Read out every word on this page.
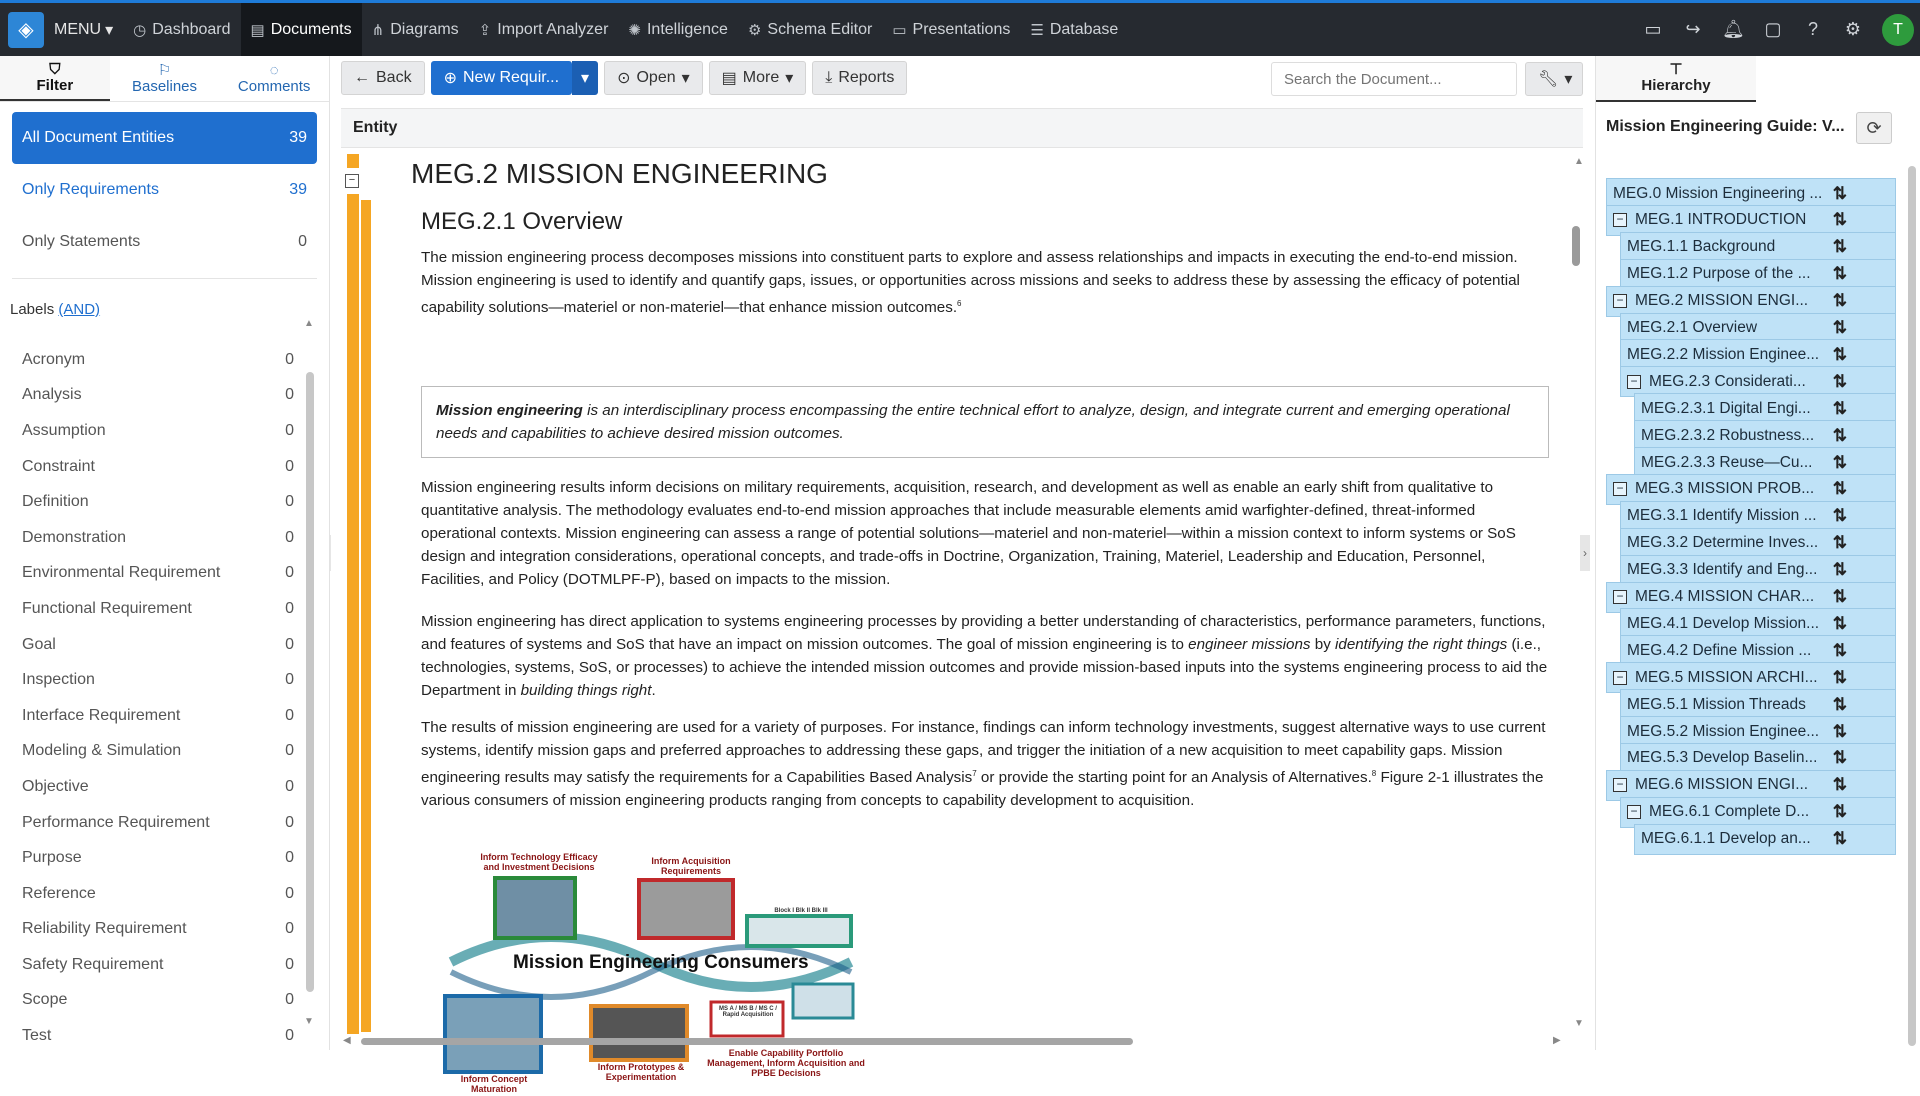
◈	MENU ▾ ◷ Dashboard ▤ Documents ⋔ Diagrams ⇪ Import Analyzer ✺ Intelligence ⚙ Schema Editor ▭ Presentations ☰ Database	▭ ↪ 🔔︎ ▢	?	⚙	T
⛉
Filter
⚐
Baselines
◌
Comments
All Document Entities	39
Only Requirements	39
Only Statements	0
Labels (AND)
Acronym	0
Analysis	0
Assumption	0
Constraint	0
Definition	0
Demonstration	0
Environmental Requirement	0
Functional Requirement	0
Goal	0
Inspection	0
Interface Requirement	0
Modeling & Simulation	0
Objective	0
Performance Requirement	0
Purpose	0
Reference	0
Reliability Requirement	0
Safety Requirement	0
Scope	0
Test	0
▲
▼
← Back ⊕ New Requir... ▾ ⊙ Open ▾ ▤ More ▾ ⤓ Reports
Search the Document...	🔧︎ ▾
Entity
− MEG.2 MISSION ENGINEERING
MEG.2.1 Overview
The mission engineering process decomposes missions into constituent parts to explore and assess relationships and impacts in executing the end-to-end mission. Mission engineering is used to identify and quantify gaps, issues, or opportunities across missions and seeks to address these by assessing the efficacy of potential capability solutions—materiel or non-materiel—that enhance mission outcomes.$^6$
Mission engineering is an interdisciplinary process encompassing the entire technical effort to analyze, design, and integrate current and emerging operational needs and capabilities to achieve desired mission outcomes.
Mission engineering results inform decisions on military requirements, acquisition, research, and development as well as enable an early shift from qualitative to quantitative analysis. The methodology evaluates end-to-end mission approaches that include measurable elements amid warfighter-defined, threat-informed operational contexts. Mission engineering can assess a range of potential solutions—materiel and non-materiel—within a mission context to inform systems or SoS design and integration considerations, operational concepts, and trade-offs in Doctrine, Organization, Training, Materiel, Leadership and Education, Personnel, Facilities, and Policy (DOTMLPF-P), based on impacts to the mission.
Mission engineering has direct application to systems engineering processes by providing a better understanding of characteristics, performance parameters, functions, and features of systems and SoS that have an impact on mission outcomes. The goal of mission engineering is to engineer missions by identifying the right things (i.e., technologies, systems, SoS, or processes) to achieve the intended mission outcomes and provide mission-based inputs into the systems engineering process to aid the Department in building things right.
The results of mission engineering are used for a variety of purposes. For instance, findings can inform technology investments, suggest alternative ways to use current systems, identify mission gaps and preferred approaches to addressing these gaps, and trigger the initiation of a new acquisition to meet capability gaps. Mission engineering results may satisfy the requirements for a Capabilities Based Analysis$^7$ or provide the starting point for an Analysis of Alternatives.$^8$ Figure 2-1 illustrates the various consumers of mission engineering products ranging from concepts to capability development to acquisition.
Inform Technology Efficacy and Investment Decisions
Inform Acquisition Requirements
Mission Engineering Consumers
Inform Concept Maturation
Inform Prototypes & Experimentation
Enable Capability Portfolio Management, Inform Acquisition and PPBE Decisions
Block I Blk II Blk III
MS A / MS B / MS C / Rapid Acquisition
▲
▼
◀	▶
›
⊤
Hierarchy
Mission Engineering Guide: V... ⟳
MEG.0 Mission Engineering ... ⇅
− MEG.1 INTRODUCTION	⇅
MEG.1.1 Background	⇅
MEG.1.2 Purpose of the ...	⇅
− MEG.2 MISSION ENGI...	⇅
MEG.2.1 Overview	⇅
MEG.2.2 Mission Enginee... ⇅
− MEG.2.3 Considerati...	⇅
MEG.2.3.1 Digital Engi...	⇅
MEG.2.3.2 Robustness...	⇅
MEG.2.3.3 Reuse—Cu...	⇅
− MEG.3 MISSION PROB...	⇅
MEG.3.1 Identify Mission ... ⇅
MEG.3.2 Determine Inves... ⇅
MEG.3.3 Identify and Eng... ⇅
− MEG.4 MISSION CHAR...	⇅
MEG.4.1 Develop Mission... ⇅
MEG.4.2 Define Mission ...	⇅
− MEG.5 MISSION ARCHI... ⇅
MEG.5.1 Mission Threads	⇅
MEG.5.2 Mission Enginee... ⇅
MEG.5.3 Develop Baselin... ⇅
− MEG.6 MISSION ENGI...	⇅
− MEG.6.1 Complete D...	⇅
MEG.6.1.1 Develop an...	⇅
